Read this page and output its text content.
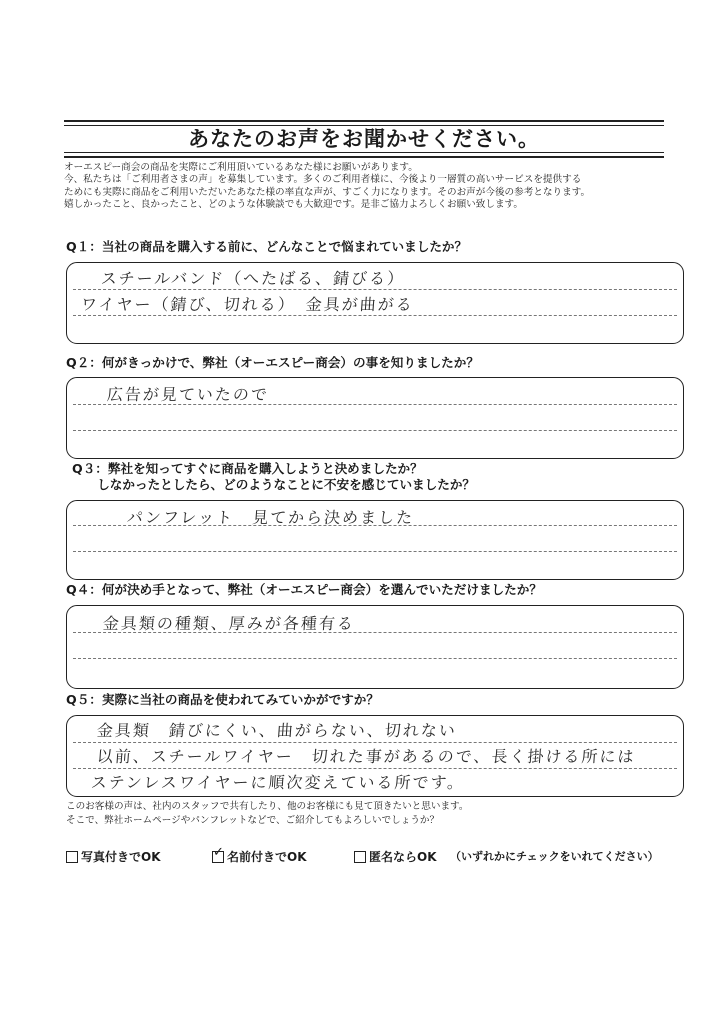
あなたのお声をお聞かせください。
オーエスピー商会の商品を実際にご利用頂いているあなた様にお願いがあります。
今、私たちは「ご利用者さまの声」を募集しています。多くのご利用者様に、今後より一層質の高いサービスを提供する
ためにも実際に商品をご利用いただいたあなた様の率直な声が、すごく力になります。そのお声が今後の参考となります。
嬉しかったこと、良かったこと、どのような体験談でも大歓迎です。是非ご協力よろしくお願い致します。
Q１：当社の商品を購入する前に、どんなことで悩まれていましたか？
スチールバンド（へたばる、錆びる）
ワイヤー（錆び、切れる）　金具が曲がる
Q２：何がきっかけで、弊社（オーエスピー商会）の事を知りましたか？
広告が見ていたので
Q３：弊社を知ってすぐに商品を購入しようと決めましたか？
　　しなかったとしたら、どのようなことに不安を感じていましたか？
パンフレット　見てから決めました
Q４：何が決め手となって、弊社（オーエスピー商会）を選んでいただけましたか？
金具類の種類、厚みが各種有る
Q５：実際に当社の商品を使われてみていかがですか？
金具類　錆びにくい、曲がらない、切れない
以前、スチールワイヤー　切れた事があるので、長く掛ける所には
ステンレスワイヤーに順次変えている所です。
このお客様の声は、社内のスタッフで共有したり、他のお客様にも見て頂きたいと思います。
そこで、弊社ホームページやパンフレットなどで、ご紹介してもよろしいでしょうか？
写真付きでOK	✓ 名前付きでOK	匿名ならOK （いずれかにチェックをいれてください）
